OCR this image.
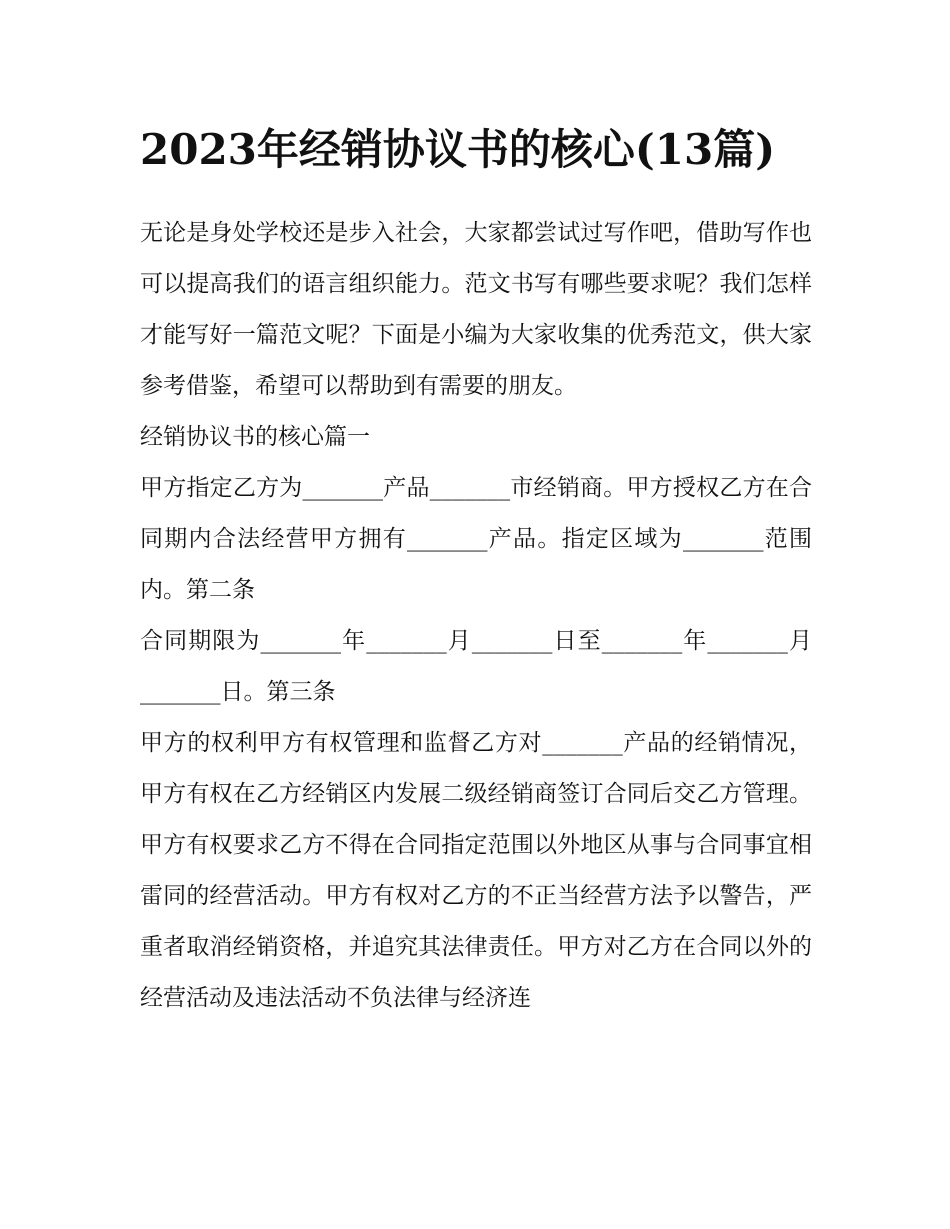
2023年经销协议书的核心(13篇)

无论是身处学校还是步入社会，大家都尝试过写作吧，借助写作也可以提高我们的语言组织能力。范文书写有哪些要求呢？我们怎样才能写好一篇范文呢？下面是小编为大家收集的优秀范文，供大家参考借鉴，希望可以帮助到有需要的朋友。

经销协议书的核心篇一

甲方指定乙方为_______产品_______市经销商。甲方授权乙方在合同期内合法经营甲方拥有_______产品。指定区域为_______范围内。第二条

合同期限为_______年_______月_______日至_______年_______月_______日。第三条

甲方的权利甲方有权管理和监督乙方对_______产品的经销情况，甲方有权在乙方经销区内发展二级经销商签订合同后交乙方管理。甲方有权要求乙方不得在合同指定范围以外地区从事与合同事宜相雷同的经营活动。甲方有权对乙方的不正当经营方法予以警告，严重者取消经销资格，并追究其法律责任。甲方对乙方在合同以外的经营活动及违法活动不负法律与经济连
